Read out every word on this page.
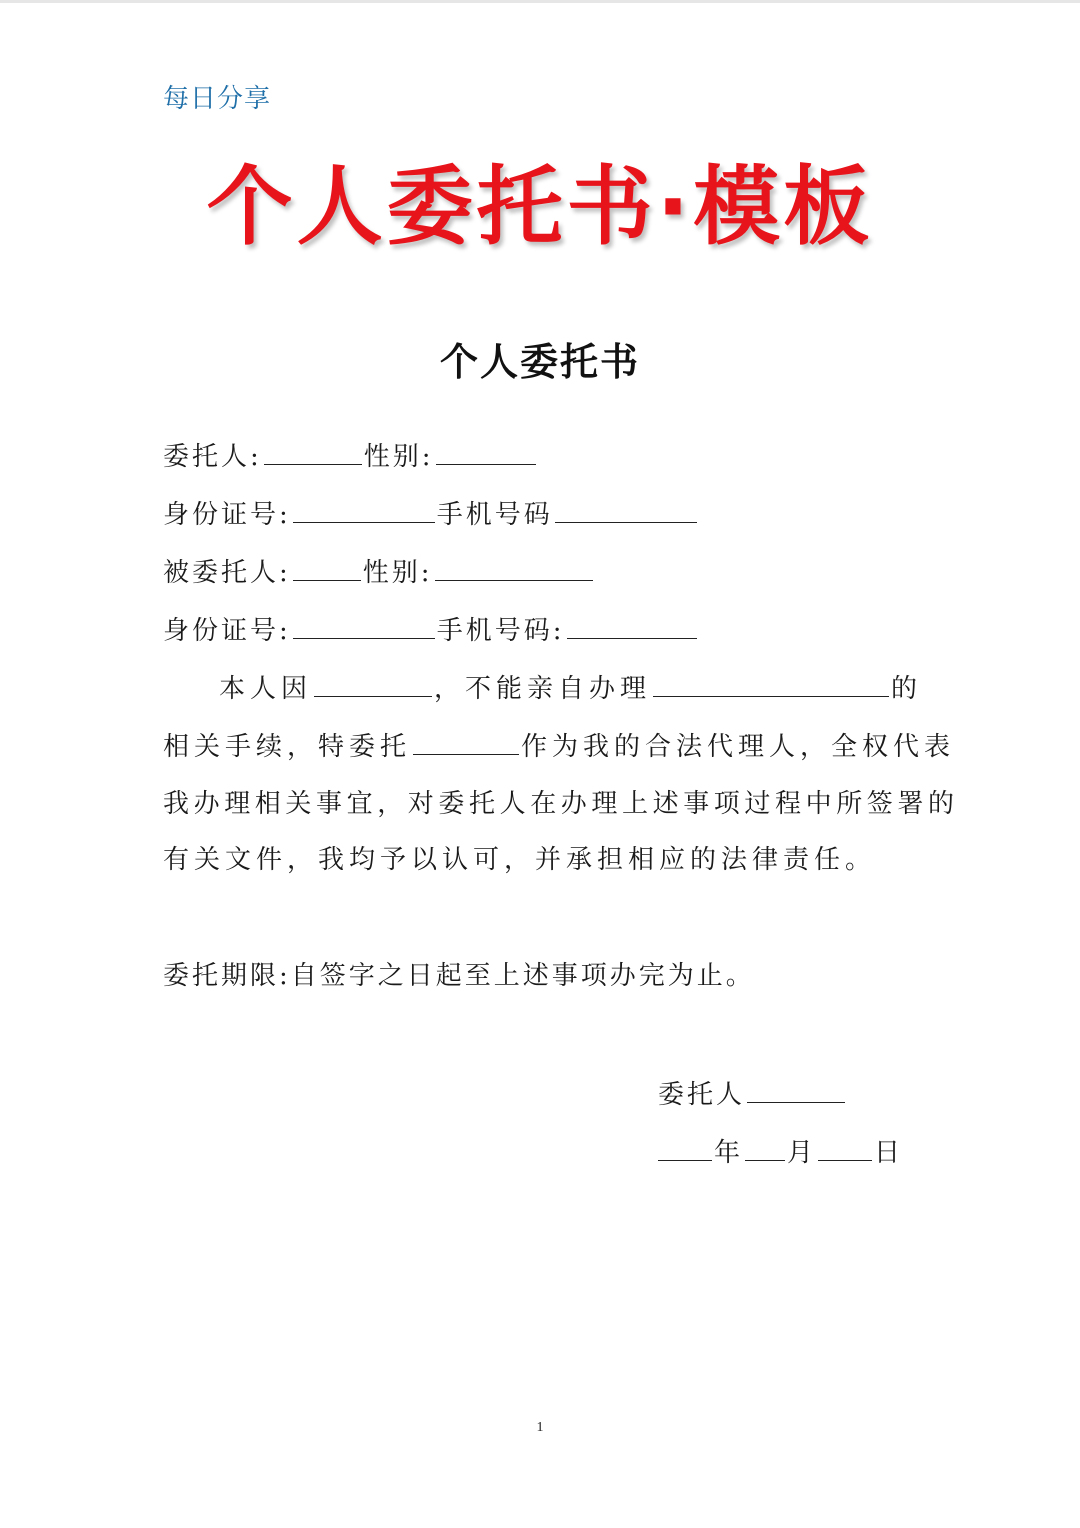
每日分享
个人委托书·模板
个人委托书
委托人:	性别:
身份证号:	手机号码
被委托人:	性别:
身份证号:	手机号码:
本人因	，不能亲自办理	的
相关手续，特委托	作为我的合法代理人，全权代表
我办理相关事宜，对委托人在办理上述事项过程中所签署的
有关文件，我均予以认可，并承担相应的法律责任。
委托期限:自签字之日起至上述事项办完为止。
委托人
年 月 日
1
